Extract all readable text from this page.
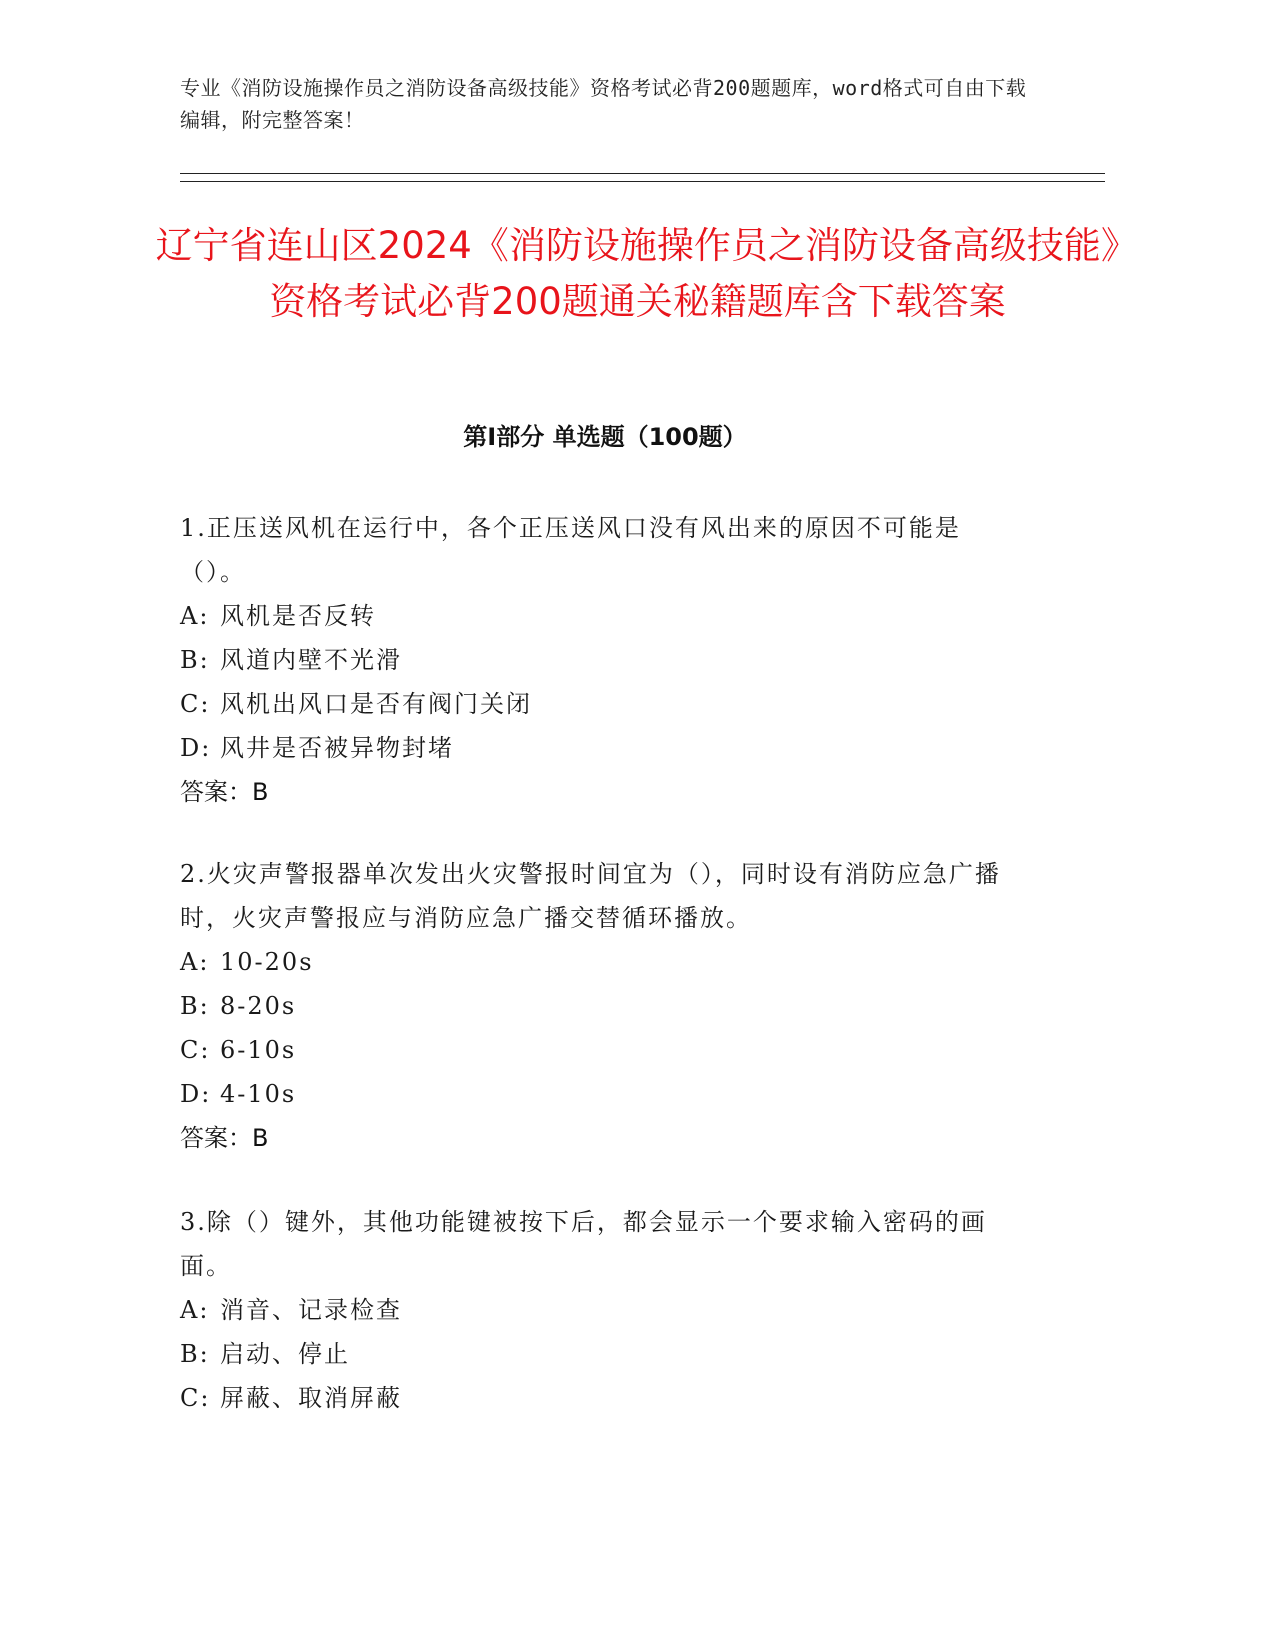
专业《消防设施操作员之消防设备高级技能》资格考试必背200题题库，word格式可自由下载编辑，附完整答案！
辽宁省连山区2024《消防设施操作员之消防设备高级技能》资格考试必背200题通关秘籍题库含下载答案
第Ⅰ部分 单选题（100题）

1.正压送风机在运行中，各个正压送风口没有风出来的原因不可能是（）。

A: 风机是否反转

B: 风道内壁不光滑

C: 风机出风口是否有阀门关闭

D: 风井是否被异物封堵

答案：B

2.火灾声警报器单次发出火灾警报时间宜为（），同时设有消防应急广播时，火灾声警报应与消防应急广播交替循环播放。

A: 10-20s

B: 8-20s

C: 6-10s

D: 4-10s

答案：B

3.除（）键外，其他功能键被按下后，都会显示一个要求输入密码的画面。

A: 消音、记录检查

B: 启动、停止

C: 屏蔽、取消屏蔽
